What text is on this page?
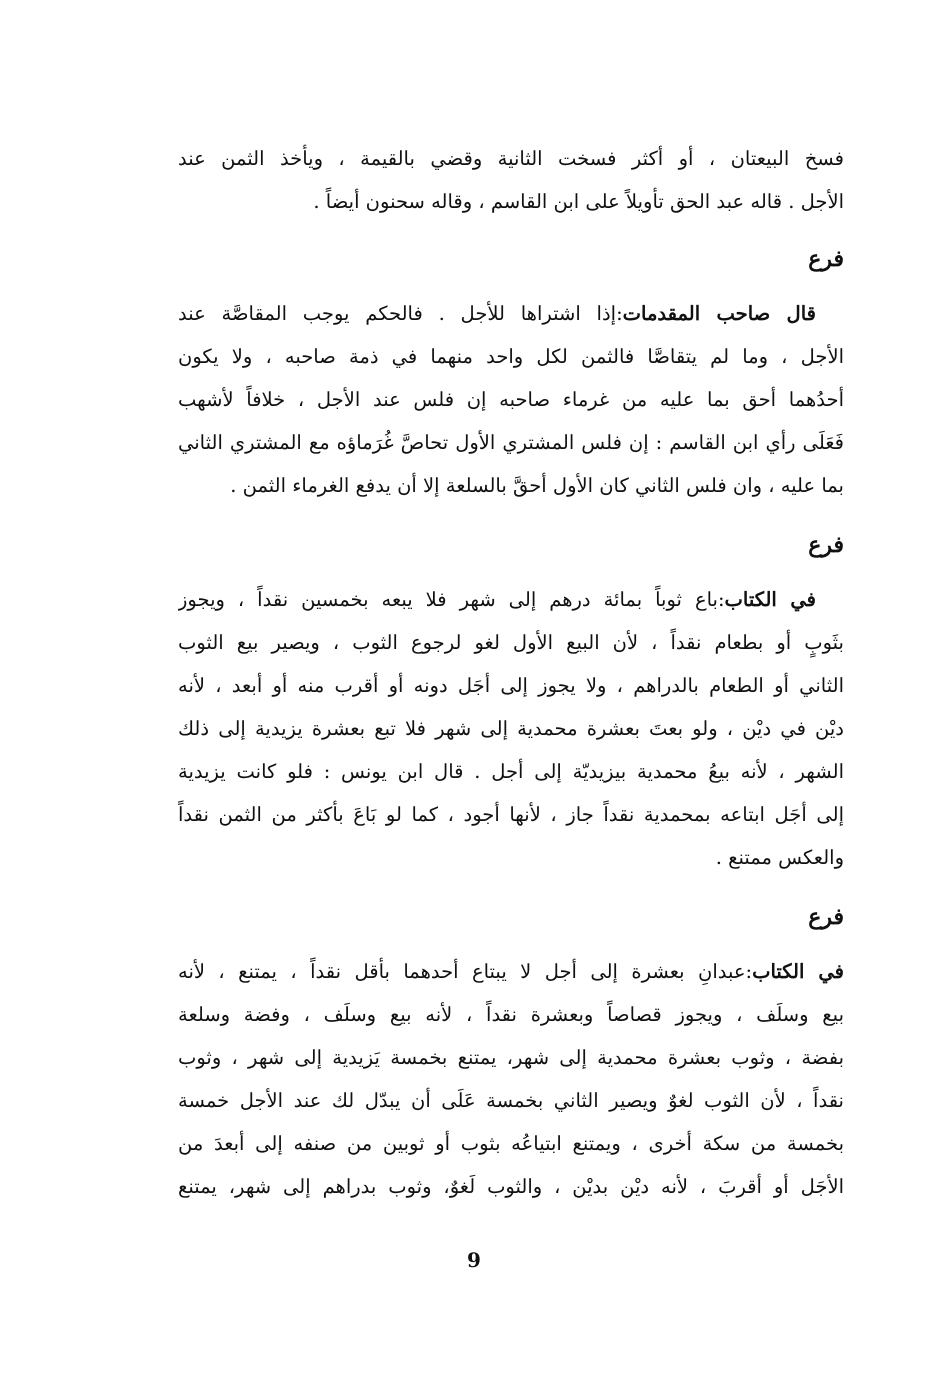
فسخ البيعتان ، أو أكثر فسخت الثانية وقضي بالقيمة ، ويأخذ الثمن عند
الأجل . قاله عبد الحق تأويلاً على ابن القاسم ، وقاله سحنون أيضاً .
فرع
قال صاحب المقدمات:إذا اشتراها للأجل . فالحكم يوجب المقاصَّة عند
الأجل ، وما لم يتقاصَّا فالثمن لكل واحد منهما في ذمة صاحبه ، ولا يكون
أحدُهما أحق بما عليه من غرماء صاحبه إن فلس عند الأجل ، خلافاً لأشهب
فَعَلَى رأي ابن القاسم : إن فلس المشتري الأول تحاصَّ غُرَماؤه مع المشتري الثاني
بما عليه ، وان فلس الثاني كان الأول أحقَّ بالسلعة إلا أن يدفع الغرماء الثمن .
فرع
في الكتاب:باع ثوباً بمائة درهم إلى شهر فلا يبعه بخمسين نقداً ، ويجوز
بثَوبٍ أو بطعام نقداً ، لأن البيع الأول لغو لرجوع الثوب ، ويصير بيع الثوب
الثاني أو الطعام بالدراهم ، ولا يجوز إلى أجَل دونه أو أقرب منه أو أبعد ، لأنه
ديْن في ديْن ، ولو بعتَ بعشرة محمدية إلى شهر فلا تبع بعشرة يزيدية إلى ذلك
الشهر ، لأنه بيعُ محمدية بيزيديّة إلى أجل . قال ابن يونس : فلو كانت يزيدية
إلى أجَل ابتاعه بمحمدية نقداً جاز ، لأنها أجود ، كما لو بَاعَ بأكثر من الثمن نقداً
والعكس ممتنع .
فرع
في الكتاب:عبدانِ بعشرة إلى أجل لا يبتاع أحدهما بأقل نقداً ، يمتنع ، لأنه
بيع وسلَف ، ويجوز قصاصاً وبعشرة نقداً ، لأنه بيع وسلَف ، وفضة وسلعة
بفضة ، وثوب بعشرة محمدية إلى شهر، يمتنع بخمسة يَزيدية إلى شهر ، وثوب
نقداً ، لأن الثوب لغوٌ ويصير الثاني بخمسة عَلَى أن يبدّل لك عند الأجل خمسة
بخمسة من سكة أخرى ، ويمتنع ابتياعُه بثوب أو ثوبين من صنفه إلى أبعدَ من
الأجَل أو أقربَ ، لأنه ديْن بديْن ، والثوب لَغوٌ، وثوب بدراهم إلى شهر، يمتنع
9
